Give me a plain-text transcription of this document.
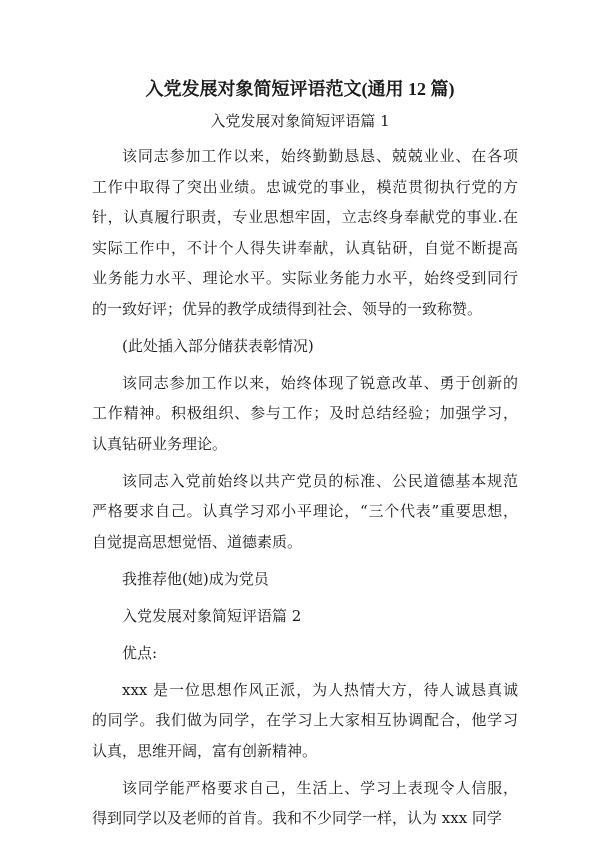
入党发展对象简短评语范文(通用 12 篇)
入党发展对象简短评语篇 1
该同志参加工作以来，始终勤勤恳恳、兢兢业业、在各项
工作中取得了突出业绩。忠诚党的事业，模范贯彻执行党的方
针，认真履行职责，专业思想牢固，立志终身奉献党的事业.在
实际工作中，不计个人得失讲奉献，认真钻研，自觉不断提高
业务能力水平、理论水平。实际业务能力水平，始终受到同行
的一致好评；优异的教学成绩得到社会、领导的一致称赞。
(此处插入部分储获表彰情况)
该同志参加工作以来，始终体现了锐意改革、勇于创新的
工作精神。积极组织、参与工作；及时总结经验；加强学习，
认真钻研业务理论。
该同志入党前始终以共产党员的标准、公民道德基本规范
严格要求自己。认真学习邓小平理论，“三个代表”重要思想，
自觉提高思想觉悟、道德素质。
我推荐他(她)成为党员
入党发展对象简短评语篇 2
优点:
xxx 是一位思想作风正派，为人热情大方，待人诚恳真诚
的同学。我们做为同学，在学习上大家相互协调配合，他学习
认真，思维开阔，富有创新精神。
该同学能严格要求自己，生活上、学习上表现令人信服，
得到同学以及老师的首肯。我和不少同学一样，认为 xxx 同学
